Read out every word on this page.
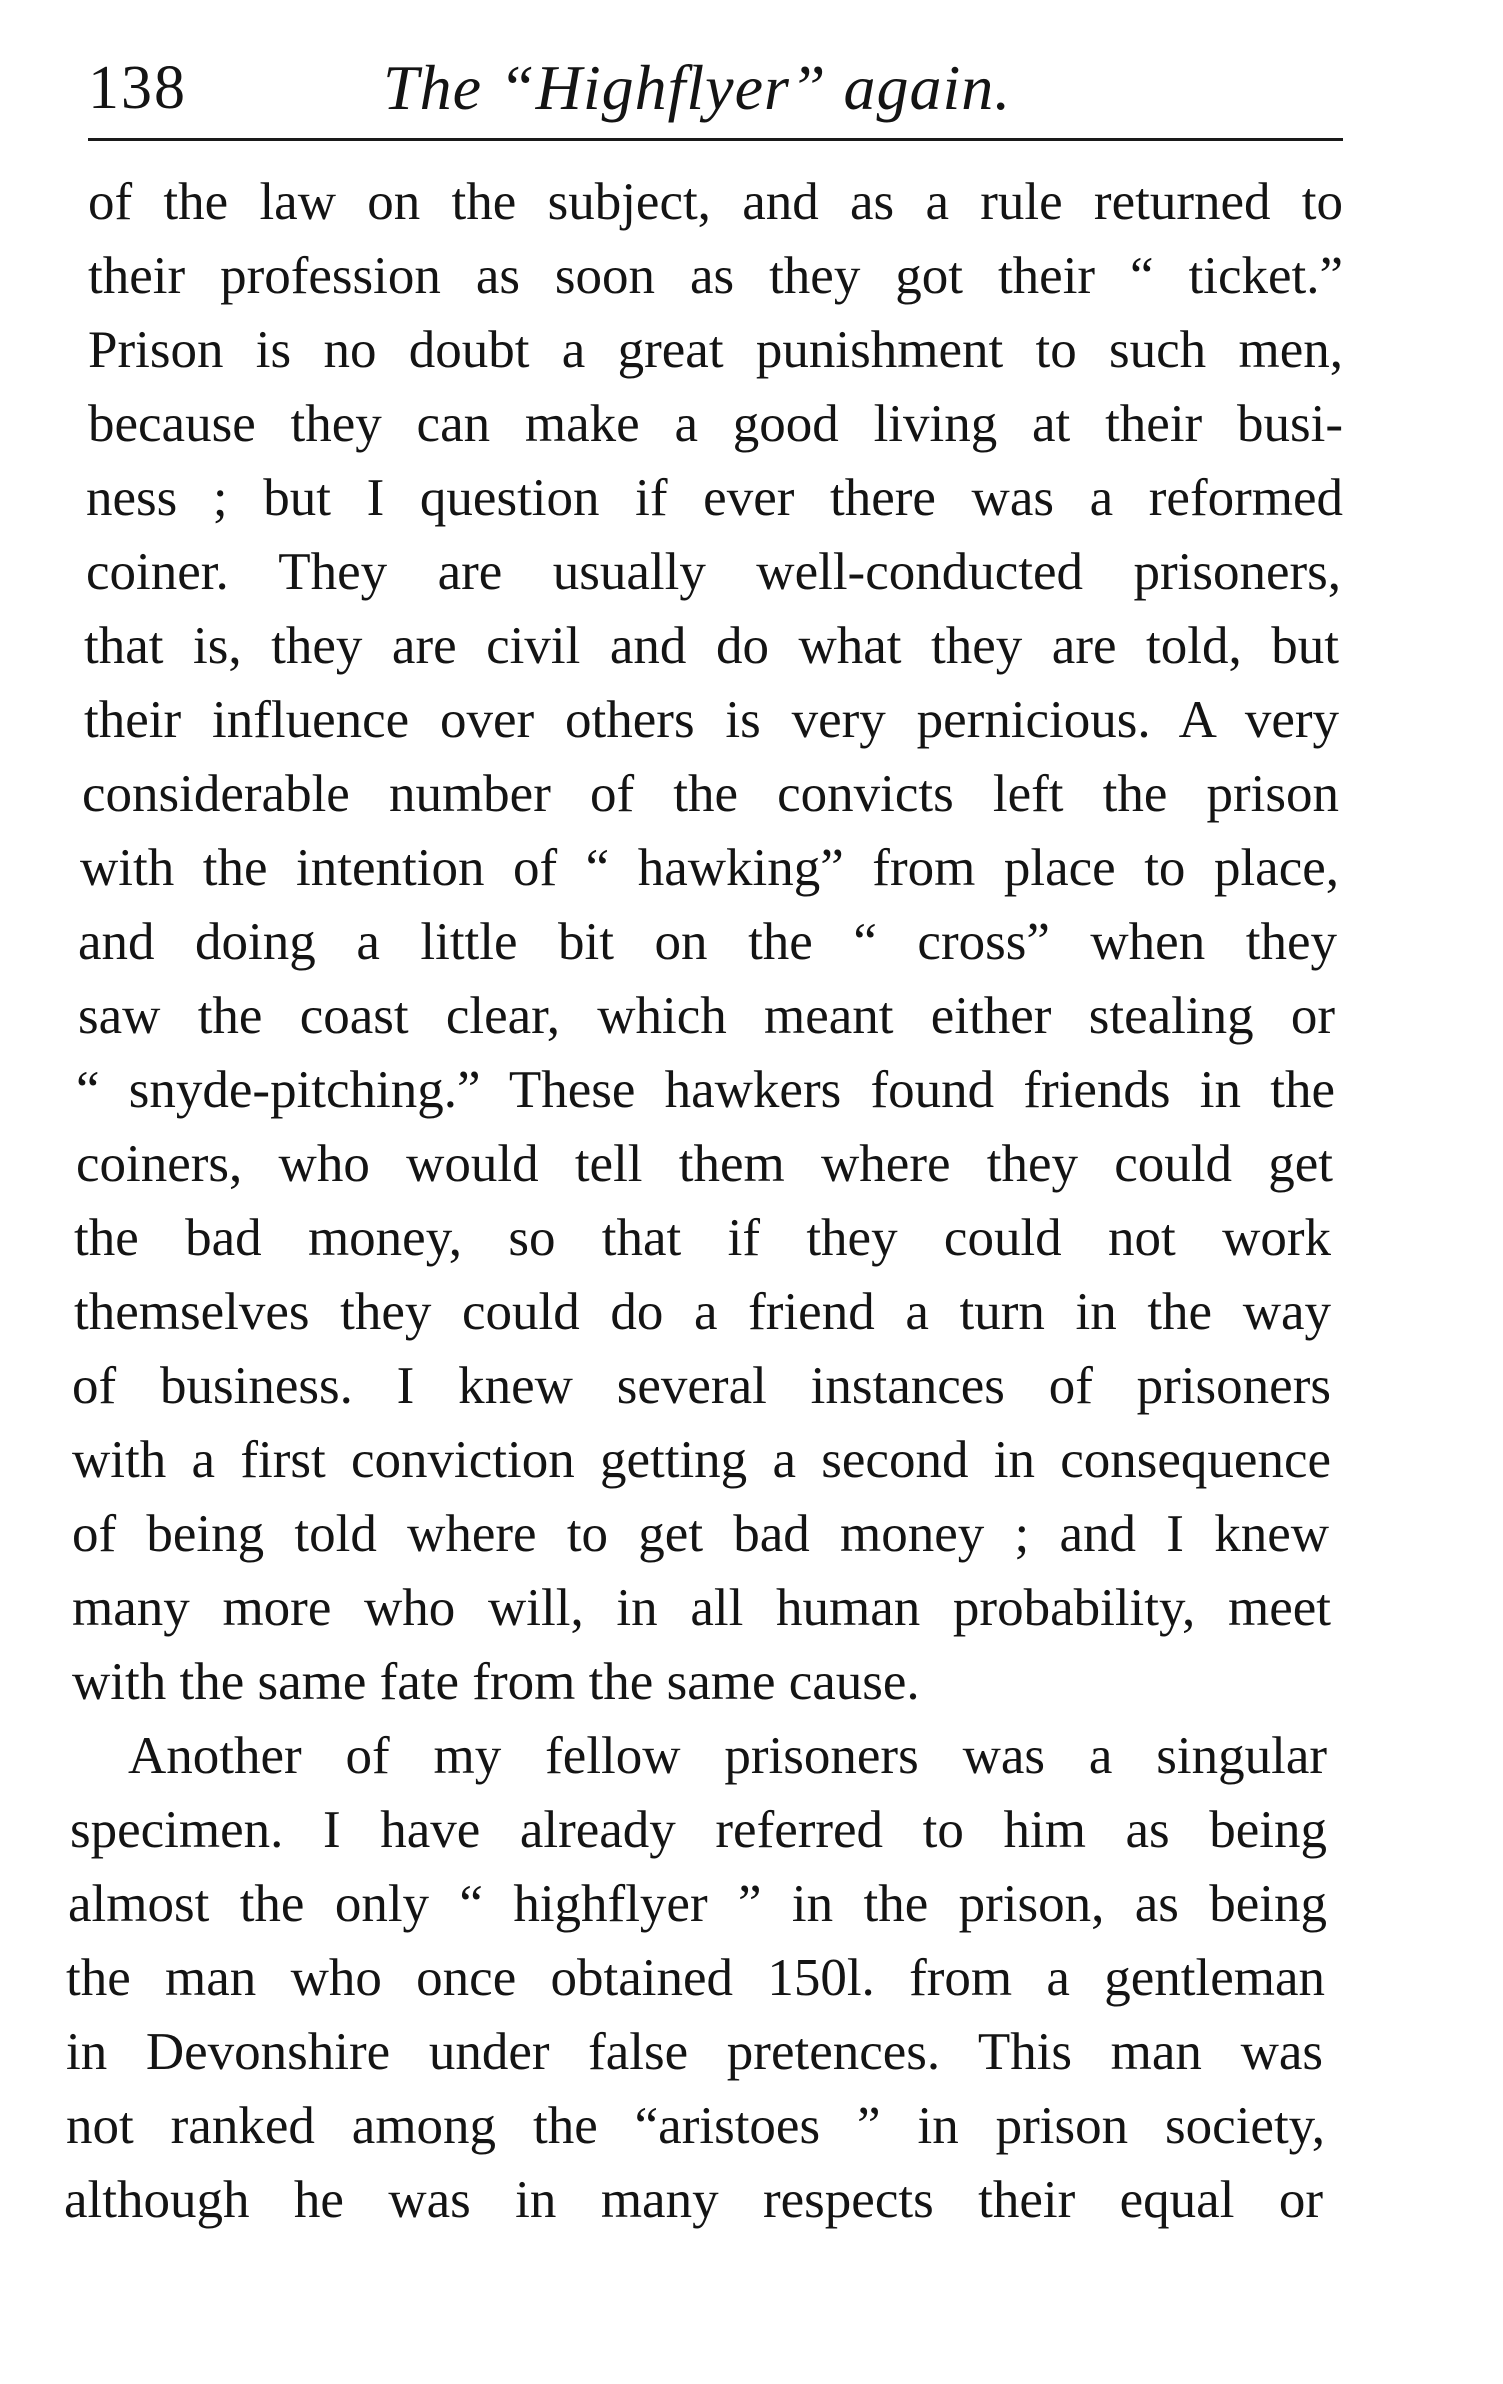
138	The “Highflyer” again.
of the law on the subject, and as a rule returned to
their profession as soon as they got their “ ticket.”
Prison is no doubt a great punishment to such men,
because they can make a good living at their busi-
ness ; but I question if ever there was a reformed
coiner. They are usually well-conducted prisoners,
that is, they are civil and do what they are told, but
their influence over others is very pernicious. A very
considerable number of the convicts left the prison
with the intention of “ hawking” from place to place,
and doing a little bit on the “ cross” when they
saw the coast clear, which meant either stealing or
“ snyde-pitching.” These hawkers found friends in the
coiners, who would tell them where they could get
the bad money, so that if they could not work
themselves they could do a friend a turn in the way
of business. I knew several instances of prisoners
with a first conviction getting a second in consequence
of being told where to get bad money ; and I knew
many more who will, in all human probability, meet
with the same fate from the same cause.
Another of my fellow prisoners was a singular
specimen. I have already referred to him as being
almost the only “ highflyer ” in the prison, as being
the man who once obtained 150l. from a gentleman
in Devonshire under false pretences. This man was
not ranked among the “aristoes ” in prison society,
although he was in many respects their equal or
